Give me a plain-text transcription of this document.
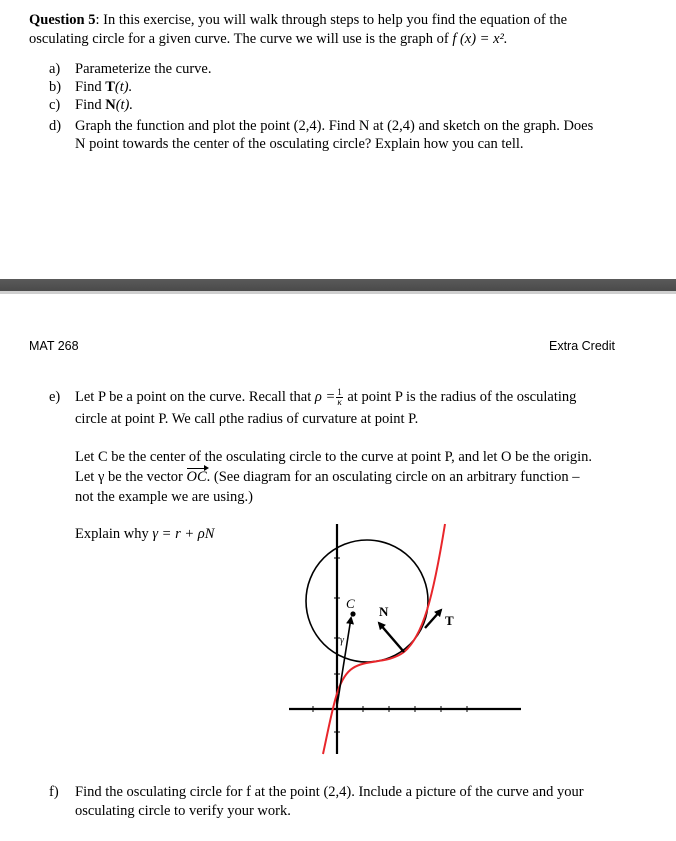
Question 5: In this exercise, you will walk through steps to help you find the equation of the
osculating circle for a given curve. The curve we will use is the graph of f (x) = x².
a) Parameterize the curve.
b) Find T(t).
c) Find N(t).
d) Graph the function and plot the point (2,4). Find N at (2,4) and sketch on the graph. Does
N point towards the center of the osculating circle? Explain how you can tell.
MAT 268	Extra Credit
e) Let P be a point on the curve. Recall that $\rho = \frac{1}{\kappa}$ at point P is the radius of the osculating
circle at point P. We call ρthe radius of curvature at point P.
Let C be the center of the osculating circle to the curve at point P, and let O be the origin.
Let γ be the vector OC. (See diagram for an osculating circle on an arbitrary function –
not the example we are using.)
Explain why γ = r + ρN
C
N
T
γ
f) Find the osculating circle for f at the point (2,4). Include a picture of the curve and your
osculating circle to verify your work.
